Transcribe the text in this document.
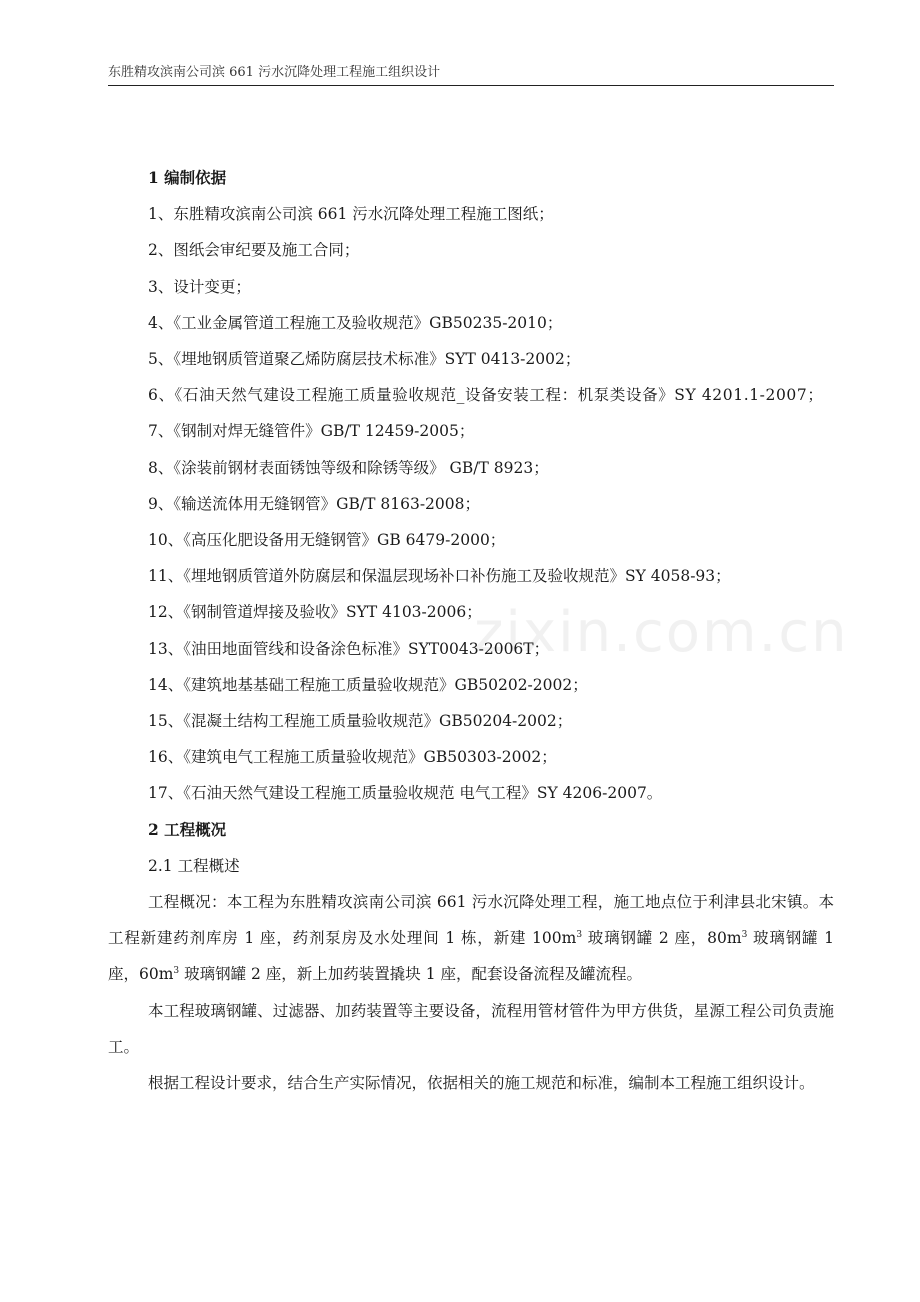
东胜精攻滨南公司滨 661 污水沉降处理工程施工组织设计
zixin.com.cn
1 编制依据
1、东胜精攻滨南公司滨 661 污水沉降处理工程施工图纸；
2、图纸会审纪要及施工合同；
3、设计变更；
4、《工业金属管道工程施工及验收规范》GB50235-2010；
5、《埋地钢质管道聚乙烯防腐层技术标准》SYT 0413-2002；
6、《石油天然气建设工程施工质量验收规范_设备安装工程：机泵类设备》SY 4201.1-2007；
7、《钢制对焊无缝管件》GB/T 12459-2005；
8、《涂装前钢材表面锈蚀等级和除锈等级》 GB/T 8923；
9、《输送流体用无缝钢管》GB/T 8163-2008；
10、《高压化肥设备用无缝钢管》GB 6479-2000；
11、《埋地钢质管道外防腐层和保温层现场补口补伤施工及验收规范》SY 4058-93；
12、《钢制管道焊接及验收》SYT 4103-2006；
13、《油田地面管线和设备涂色标准》SYT0043-2006T；
14、《建筑地基基础工程施工质量验收规范》GB50202-2002；
15、《混凝土结构工程施工质量验收规范》GB50204-2002；
16、《建筑电气工程施工质量验收规范》GB50303-2002；
17、《石油天然气建设工程施工质量验收规范 电气工程》SY 4206-2007。
2 工程概况
2.1 工程概述
工程概况：本工程为东胜精攻滨南公司滨 661 污水沉降处理工程，施工地点位于利津县北宋镇。本工程新建药剂库房 1 座，药剂泵房及水处理间 1 栋，新建 $100m^3$ 玻璃钢罐 2 座，$80m^3$ 玻璃钢罐 1 座，$60m^3$ 玻璃钢罐 2 座，新上加药装置撬块 1 座，配套设备流程及罐流程。
本工程玻璃钢罐、过滤器、加药装置等主要设备，流程用管材管件为甲方供货，星源工程公司负责施工。
根据工程设计要求，结合生产实际情况，依据相关的施工规范和标准，编制本工程施工组织设计。
